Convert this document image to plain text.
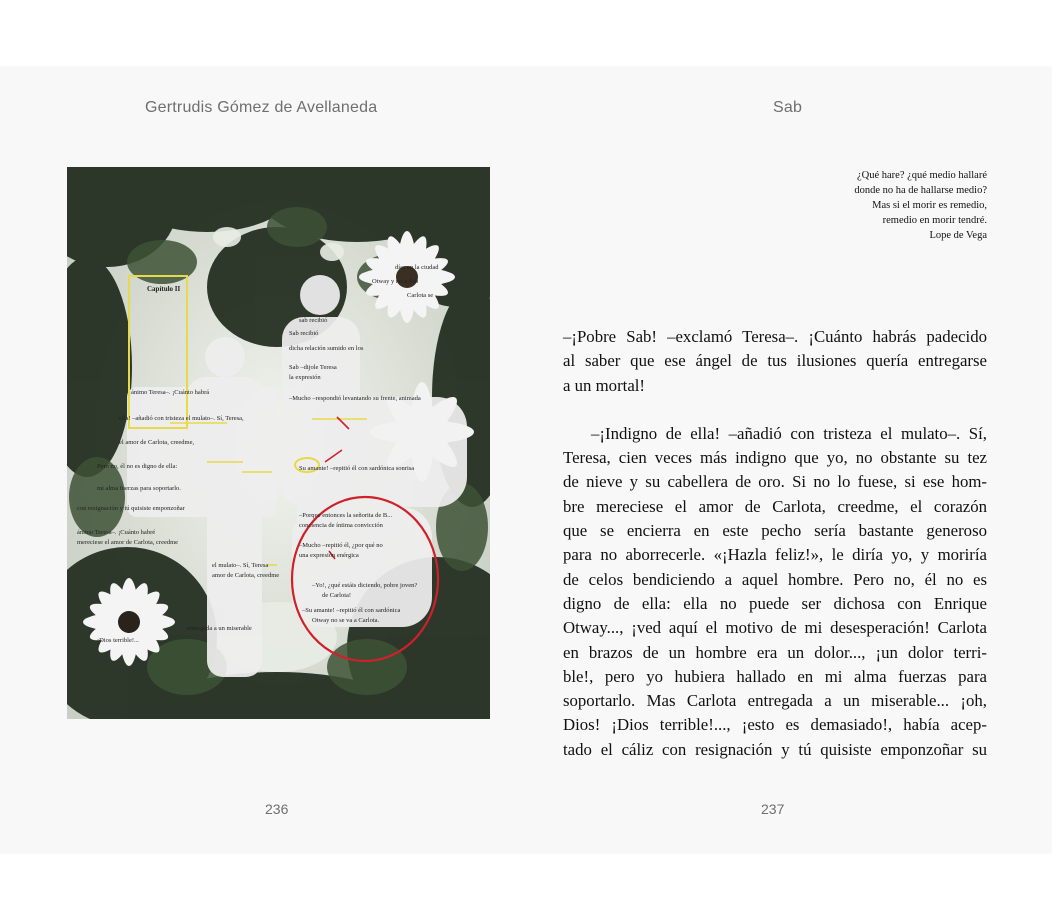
Gertrudis Gómez de Avellaneda	Sab
Capítulo II
días en la ciudad
Otway y no a Sab
Carlota se
Sab recibió
Sab –dijole Teresa
la expresión
dicha relación sumido en los
–Mucho –respondió levantando su frente, animada
ánimo Teresa–. ¡Cuánto habrá
ella! –añadió con tristeza el mulato–. Sí, Teresa,
el amor de Carlota, creedme,
Pero no, él no es digno de ella:	Su amante! –repitió él con sardónica sonrisa
mi alma fuerzas para soportarlo.
con resignación y tú quisiste emponzoñar
–Porque entonces la señorita de B...
conciencia de íntima convicción
–Mucho –repitió él, ¿por qué no
una expresión enérgica
el mulato–. Sí, Teresa
amor de Carlota, creedme
–Yo!, ¿qué estáis diciendo, pobre joven?
de Carlota!
–Su amante! –repitió él con sardónica
Otway no se va a Carlota.
ánimo Teresa–. ¡Cuánto habré
mereciese el amor de Carlota, creedme
entregada a un miserable
¡Dios terrible!...
sab recibió
¿Qué hare? ¿qué medio hallaré
donde no ha de hallarse medio?
Mas si el morir es remedio,
remedio en morir tendré.
Lope de Vega
–¡Pobre Sab! –exclamó Teresa–. ¡Cuánto habrás padecido
al saber que ese ángel de tus ilusiones quería entregarse
a un mortal!
–¡Indigno de ella! –añadió con tristeza el mulato–. Sí,
Teresa, cien veces más indigno que yo, no obstante su tez
de nieve y su cabellera de oro. Si no lo fuese, si ese hom-
bre mereciese el amor de Carlota, creedme, el corazón
que se encierra en este pecho sería bastante generoso
para no aborrecerle. «¡Hazla feliz!», le diría yo, y moriría
de celos bendiciendo a aquel hombre. Pero no, él no es
digno de ella: ella no puede ser dichosa con Enrique
Otway..., ¡ved aquí el motivo de mi desesperación! Carlota
en brazos de un hombre era un dolor..., ¡un dolor terri-
ble!, pero yo hubiera hallado en mi alma fuerzas para
soportarlo. Mas Carlota entregada a un miserable... ¡oh,
Dios! ¡Dios terrible!..., ¡esto es demasiado!, había acep-
tado el cáliz con resignación y tú quisiste emponzoñar su
236	237
